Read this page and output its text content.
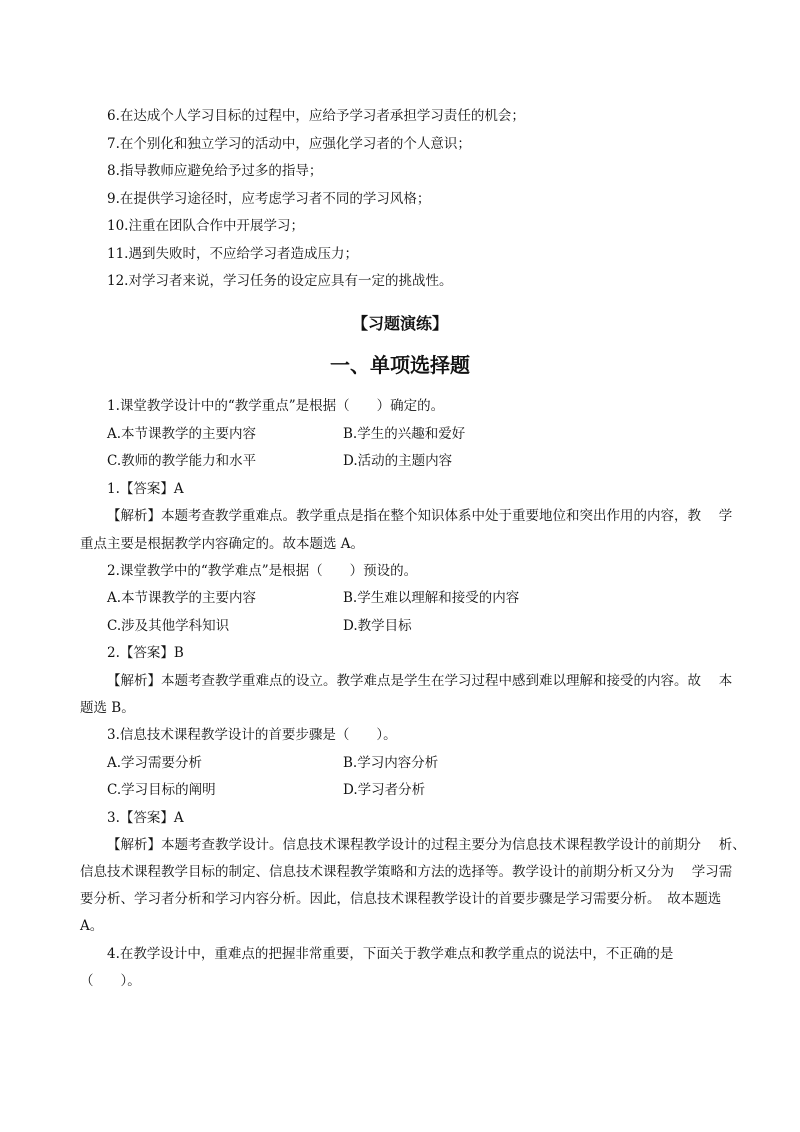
6.在达成个人学习目标的过程中，应给予学习者承担学习责任的机会；
7.在个别化和独立学习的活动中，应强化学习者的个人意识；
8.指导教师应避免给予过多的指导；
9.在提供学习途径时，应考虑学习者不同的学习风格；
10.注重在团队合作中开展学习；
11.遇到失败时，不应给学习者造成压力；
12.对学习者来说，学习任务的设定应具有一定的挑战性。
【习题演练】
一、单项选择题
1.课堂教学设计中的“教学重点”是根据（　　）确定的。
A.本节课教学的主要内容	B.学生的兴趣和爱好
C.教师的教学能力和水平	D.活动的主题内容
1.【答案】A
【解析】本题考查教学重难点。教学重点是指在整个知识体系中处于重要地位和突出作用的内容，教　 学
重点主要是根据教学内容确定的。故本题选 A。
2.课堂教学中的“教学难点”是根据（　　）预设的。
A.本节课教学的主要内容	B.学生难以理解和接受的内容
C.涉及其他学科知识	D.教学目标
2.【答案】B
【解析】本题考查教学重难点的设立。教学难点是学生在学习过程中感到难以理解和接受的内容。故　 本
题选 B。
3.信息技术课程教学设计的首要步骤是（　　）。
A.学习需要分析	B.学习内容分析
C.学习目标的阐明	D.学习者分析
3.【答案】A
【解析】本题考查教学设计。信息技术课程教学设计的过程主要分为信息技术课程教学设计的前期分　 析、
信息技术课程教学目标的制定、信息技术课程教学策略和方法的选择等。教学设计的前期分析又分为　 学习需
要分析、学习者分析和学习内容分析。因此，信息技术课程教学设计的首要步骤是学习需要分析。　故本题选
A。
4.在教学设计中，重难点的把握非常重要，下面关于教学难点和教学重点的说法中，不正确的是
（　　）。
